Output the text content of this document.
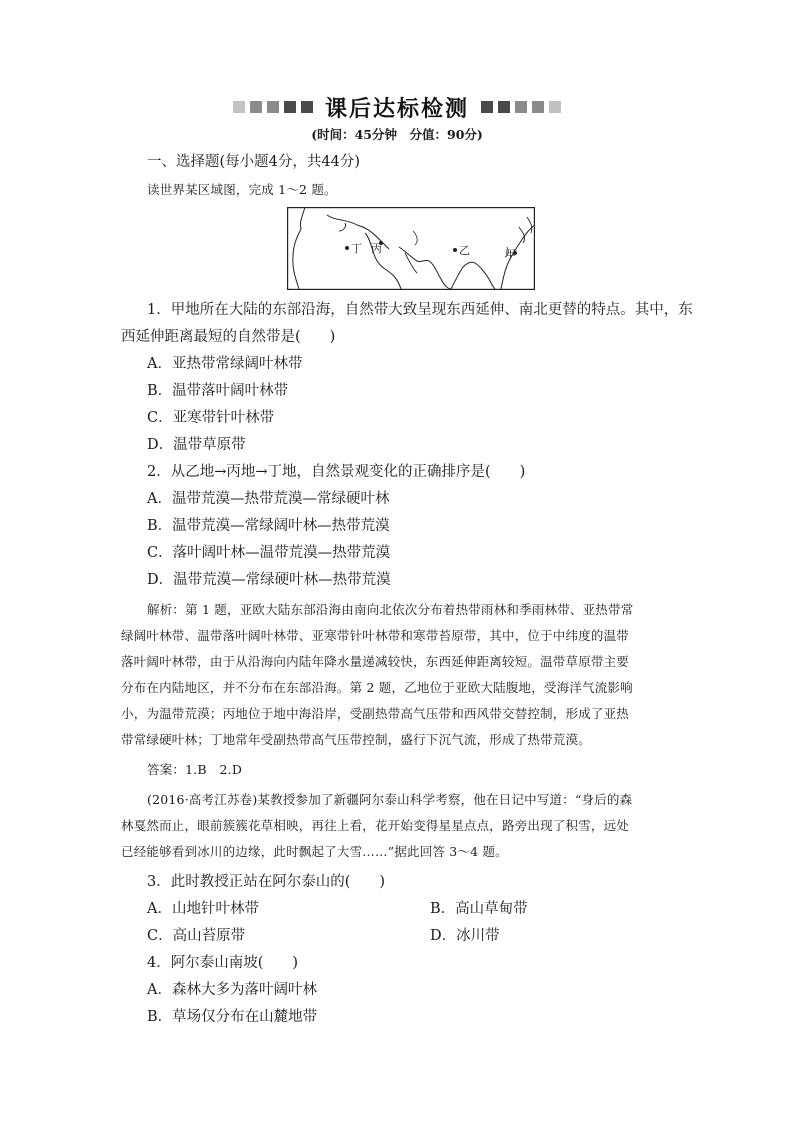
课后达标检测
(时间：45分钟　分值：90分)
一、选择题(每小题4分，共44分)
读世界某区域图，完成 1～2 题。
丁 丙	乙	甲
1．甲地所在大陆的东部沿海，自然带大致呈现东西延伸、南北更替的特点。其中，东
西延伸距离最短的自然带是(　　)
A．亚热带常绿阔叶林带
B．温带落叶阔叶林带
C．亚寒带针叶林带
D．温带草原带
2．从乙地→丙地→丁地，自然景观变化的正确排序是(　　)
A．温带荒漠—热带荒漠—常绿硬叶林
B．温带荒漠—常绿阔叶林—热带荒漠
C．落叶阔叶林—温带荒漠—热带荒漠
D．温带荒漠—常绿硬叶林—热带荒漠
解析：第 1 题，亚欧大陆东部沿海由南向北依次分布着热带雨林和季雨林带、亚热带常
绿阔叶林带、温带落叶阔叶林带、亚寒带针叶林带和寒带苔原带，其中，位于中纬度的温带
落叶阔叶林带，由于从沿海向内陆年降水量递减较快，东西延伸距离较短。温带草原带主要
分布在内陆地区，并不分布在东部沿海。第 2 题，乙地位于亚欧大陆腹地，受海洋气流影响
小，为温带荒漠；丙地位于地中海沿岸，受副热带高气压带和西风带交替控制，形成了亚热
带常绿硬叶林；丁地常年受副热带高气压带控制，盛行下沉气流，形成了热带荒漠。
答案：1.B　2.D
(2016·高考江苏卷)某教授参加了新疆阿尔泰山科学考察，他在日记中写道：“身后的森
林戛然而止，眼前簇簇花草相映，再往上看，花开始变得星星点点，路旁出现了积雪，远处
已经能够看到冰川的边缘，此时飘起了大雪……”据此回答 3～4 题。
3．此时教授正站在阿尔泰山的(　　)
A．山地针叶林带	B．高山草甸带
C．高山苔原带	D．冰川带
4．阿尔泰山南坡(　　)
A．森林大多为落叶阔叶林
B．草场仅分布在山麓地带
